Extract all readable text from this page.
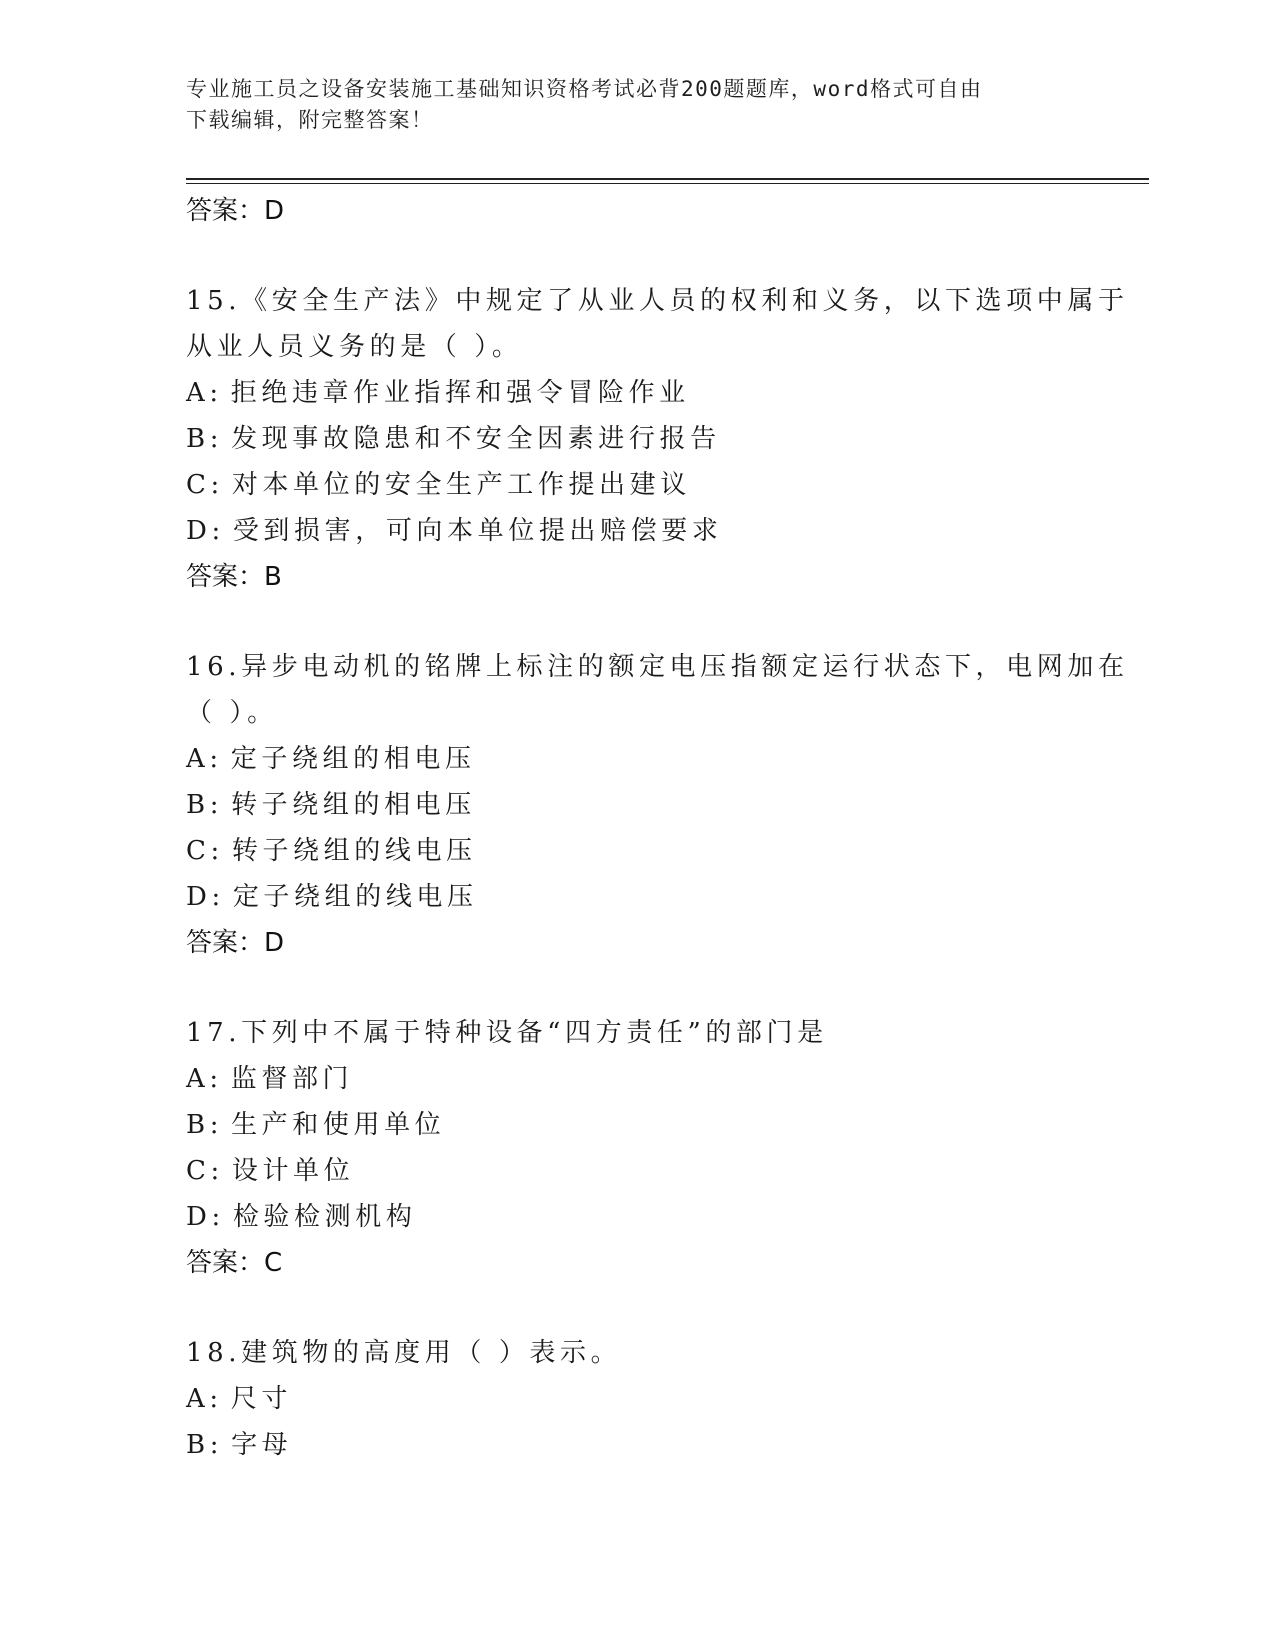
专业施工员之设备安装施工基础知识资格考试必背200题题库，word格式可自由
下载编辑，附完整答案！
答案：D
15.《安全生产法》中规定了从业人员的权利和义务，以下选项中属于
从业人员义务的是（ ）。
A: 拒绝违章作业指挥和强令冒险作业
B: 发现事故隐患和不安全因素进行报告
C: 对本单位的安全生产工作提出建议
D: 受到损害，可向本单位提出赔偿要求
答案：B
16.异步电动机的铭牌上标注的额定电压指额定运行状态下，电网加在
（ ）。
A: 定子绕组的相电压
B: 转子绕组的相电压
C: 转子绕组的线电压
D: 定子绕组的线电压
答案：D
17.下列中不属于特种设备“四方责任”的部门是
A: 监督部门
B: 生产和使用单位
C: 设计单位
D: 检验检测机构
答案：C
18.建筑物的高度用（ ）表示。
A: 尺寸
B: 字母
